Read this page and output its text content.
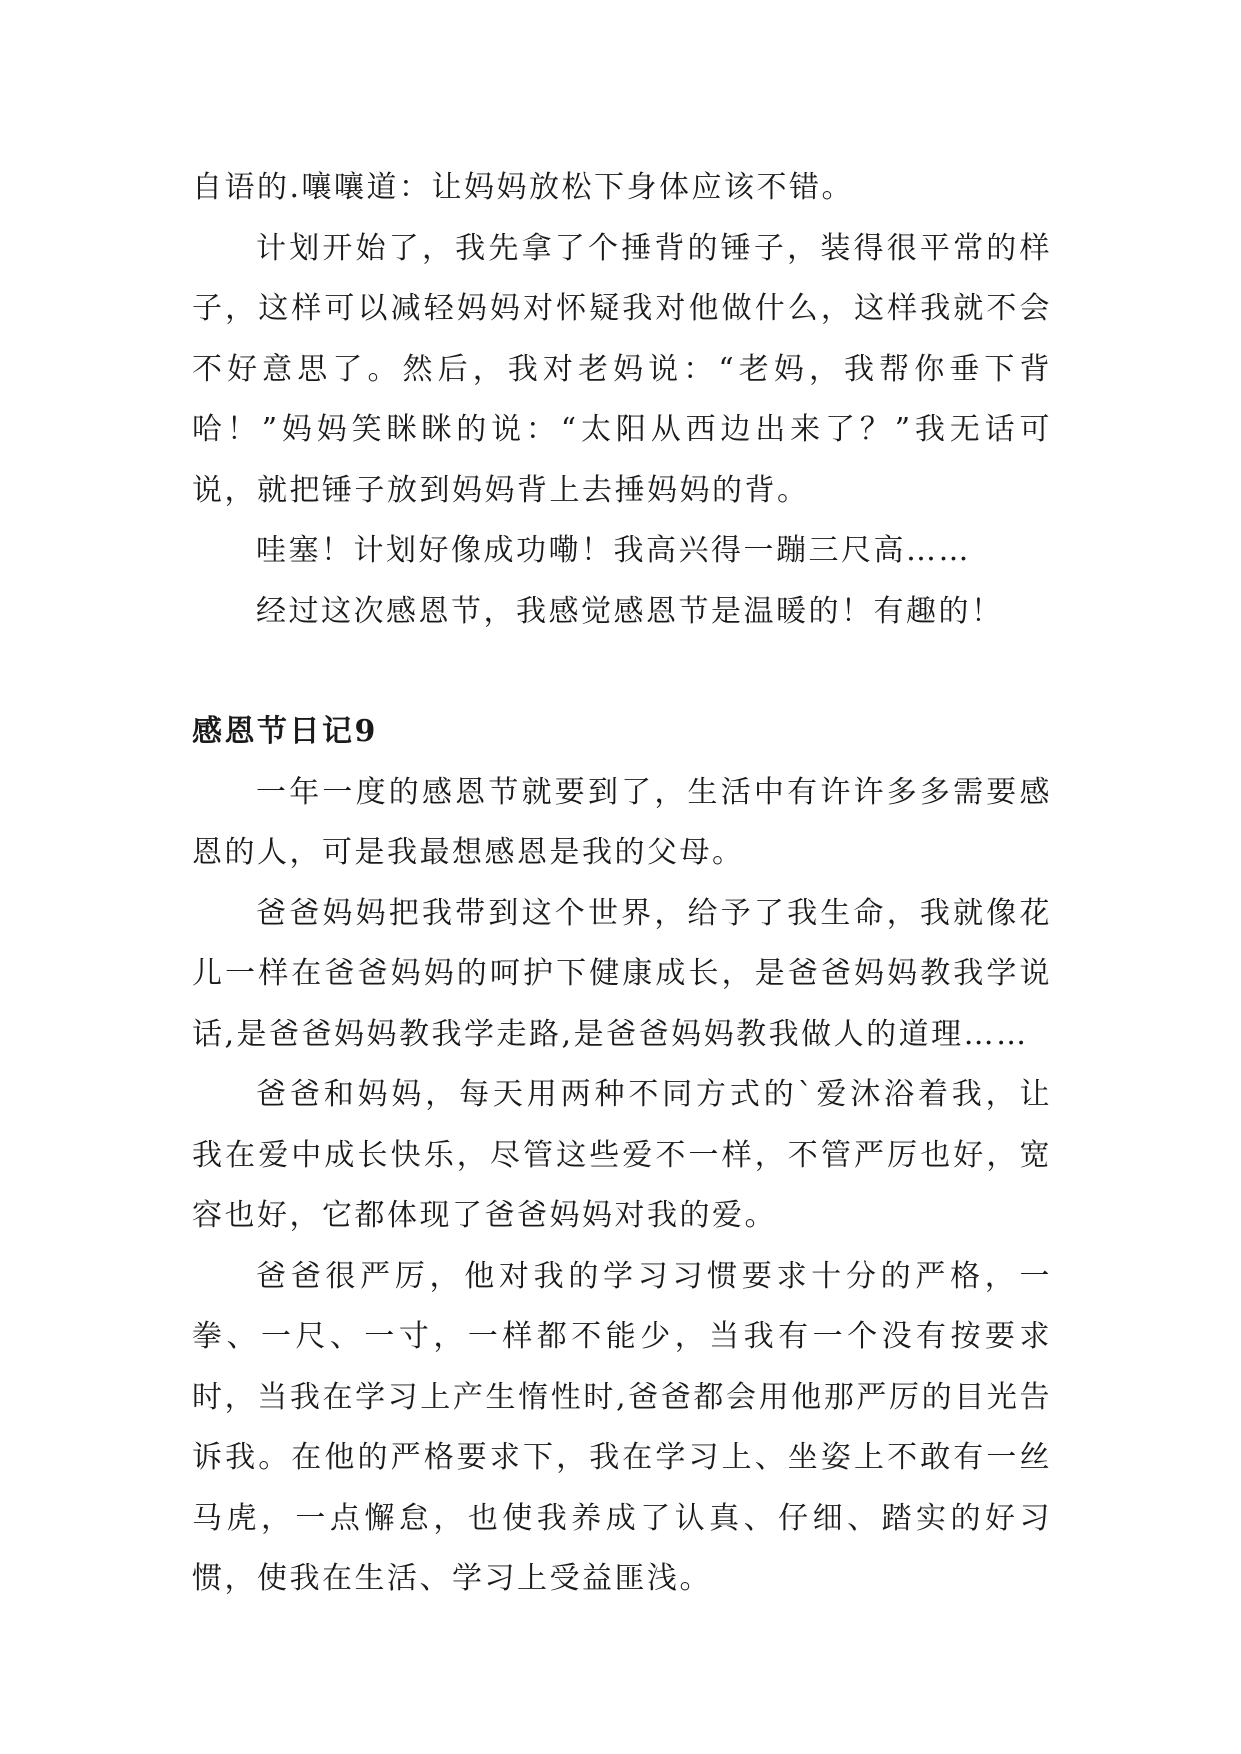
自语的.嚷嚷道：让妈妈放松下身体应该不错。

计划开始了，我先拿了个捶背的锤子，装得很平常的样子，这样可以减轻妈妈对怀疑我对他做什么，这样我就不会不好意思了。然后，我对老妈说：“老妈，我帮你垂下背哈！”妈妈笑眯眯的说：“太阳从西边出来了？”我无话可说，就把锤子放到妈妈背上去捶妈妈的背。

哇塞！计划好像成功嘞！我高兴得一蹦三尺高……

经过这次感恩节，我感觉感恩节是温暖的！有趣的！

感恩节日记9

一年一度的感恩节就要到了，生活中有许许多多需要感恩的人，可是我最想感恩是我的父母。

爸爸妈妈把我带到这个世界，给予了我生命，我就像花儿一样在爸爸妈妈的呵护下健康成长，是爸爸妈妈教我学说话,是爸爸妈妈教我学走路,是爸爸妈妈教我做人的道理……

爸爸和妈妈，每天用两种不同方式的`爱沐浴着我，让我在爱中成长快乐，尽管这些爱不一样，不管严厉也好，宽容也好，它都体现了爸爸妈妈对我的爱。

爸爸很严厉，他对我的学习习惯要求十分的严格，一拳、一尺、一寸，一样都不能少，当我有一个没有按要求时，当我在学习上产生惰性时,爸爸都会用他那严厉的目光告诉我。在他的严格要求下，我在学习上、坐姿上不敢有一丝马虎，一点懈怠，也使我养成了认真、仔细、踏实的好习惯，使我在生活、学习上受益匪浅。
